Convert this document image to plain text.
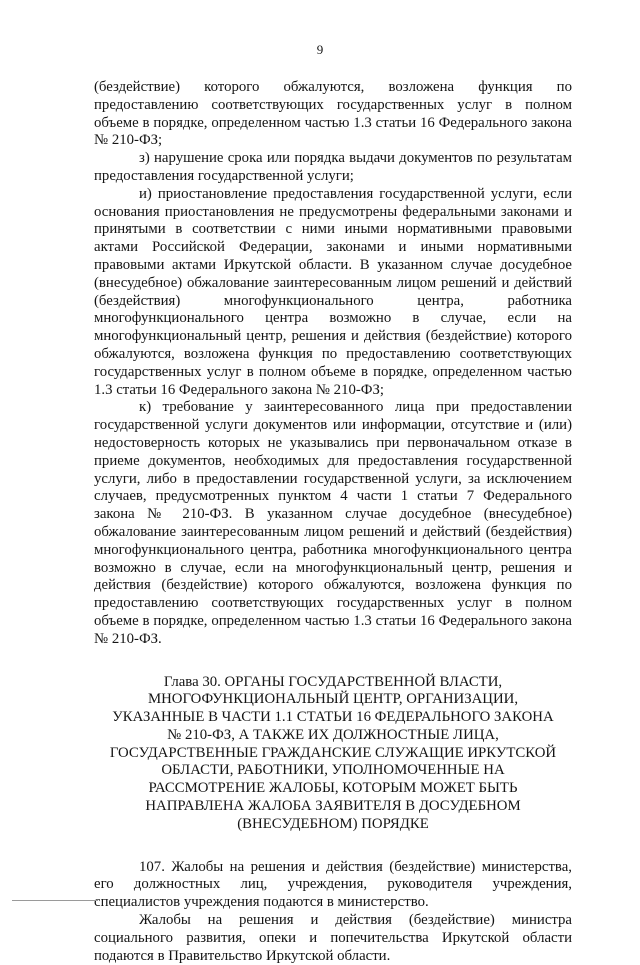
9

(бездействие) которого обжалуются, возложена функция по предоставлению соответствующих государственных услуг в полном объеме в порядке, определенном частью 1.3 статьи 16 Федерального закона № 210-ФЗ;

з) нарушение срока или порядка выдачи документов по результатам предоставления государственной услуги;

и) приостановление предоставления государственной услуги, если основания приостановления не предусмотрены федеральными законами и принятыми в соответствии с ними иными нормативными правовыми актами Российской Федерации, законами и иными нормативными правовыми актами Иркутской области. В указанном случае досудебное (внесудебное) обжалование заинтересованным лицом решений и действий (бездействия) многофункционального центра, работника многофункционального центра возможно в случае, если на многофункциональный центр, решения и действия (бездействие) которого обжалуются, возложена функция по предоставлению соответствующих государственных услуг в полном объеме в порядке, определенном частью 1.3 статьи 16 Федерального закона № 210-ФЗ;

к) требование у заинтересованного лица при предоставлении государственной услуги документов или информации, отсутствие и (или) недостоверность которых не указывались при первоначальном отказе в приеме документов, необходимых для предоставления государственной услуги, либо в предоставлении государственной услуги, за исключением случаев, предусмотренных пунктом 4 части 1 статьи 7 Федерального закона № 210-ФЗ. В указанном случае досудебное (внесудебное) обжалование заинтересованным лицом решений и действий (бездействия) многофункционального центра, работника многофункционального центра возможно в случае, если на многофункциональный центр, решения и действия (бездействие) которого обжалуются, возложена функция по предоставлению соответствующих государственных услуг в полном объеме в порядке, определенном частью 1.3 статьи 16 Федерального закона № 210-ФЗ.

Глава 30. ОРГАНЫ ГОСУДАРСТВЕННОЙ ВЛАСТИ, МНОГОФУНКЦИОНАЛЬНЫЙ ЦЕНТР, ОРГАНИЗАЦИИ, УКАЗАННЫЕ В ЧАСТИ 1.1 СТАТЬИ 16 ФЕДЕРАЛЬНОГО ЗАКОНА № 210-ФЗ, А ТАКЖЕ ИХ ДОЛЖНОСТНЫЕ ЛИЦА, ГОСУДАРСТВЕННЫЕ ГРАЖДАНСКИЕ СЛУЖАЩИЕ ИРКУТСКОЙ ОБЛАСТИ, РАБОТНИКИ, УПОЛНОМОЧЕННЫЕ НА РАССМОТРЕНИЕ ЖАЛОБЫ, КОТОРЫМ МОЖЕТ БЫТЬ НАПРАВЛЕНА ЖАЛОБА ЗАЯВИТЕЛЯ В ДОСУДЕБНОМ (ВНЕСУДЕБНОМ) ПОРЯДКЕ

107. Жалобы на решения и действия (бездействие) министерства, его должностных лиц, учреждения, руководителя учреждения, специалистов учреждения подаются в министерство.

Жалобы на решения и действия (бездействие) министра социального развития, опеки и попечительства Иркутской области подаются в Правительство Иркутской области.
